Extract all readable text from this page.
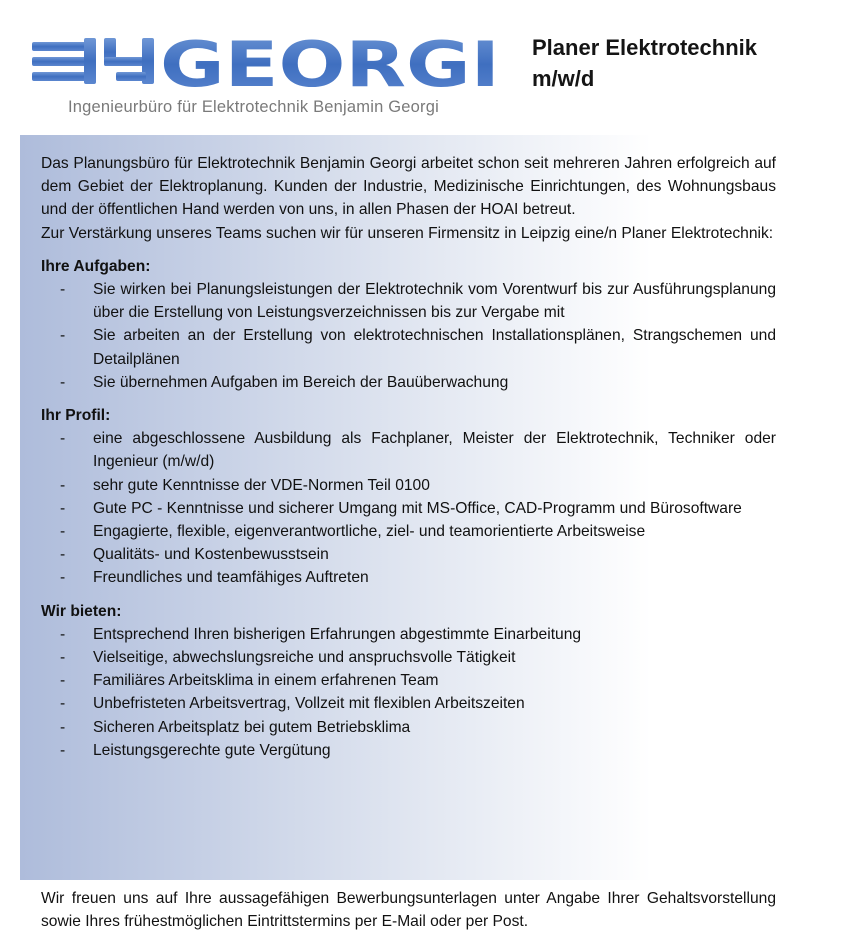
GEORGI
Ingenieurbüro für Elektrotechnik Benjamin Georgi
Planer Elektrotechnik
m/w/d

Das Planungsbüro für Elektrotechnik Benjamin Georgi arbeitet schon seit mehreren Jahren erfolgreich auf dem Gebiet der Elektroplanung. Kunden der Industrie, Medizinische Einrichtungen, des Wohnungsbaus und der öffentlichen Hand werden von uns, in allen Phasen der HOAI betreut.

Zur Verstärkung unseres Teams suchen wir für unseren Firmensitz in Leipzig eine/n Planer Elektrotechnik:

Ihre Aufgaben:
- Sie wirken bei Planungsleistungen der Elektrotechnik vom Vorentwurf bis zur Ausführungsplanung über die Erstellung von Leistungsverzeichnissen bis zur Vergabe mit
- Sie arbeiten an der Erstellung von elektrotechnischen Installationsplänen, Strangschemen und Detailplänen
- Sie übernehmen Aufgaben im Bereich der Bauüberwachung
Ihr Profil:
- eine abgeschlossene Ausbildung als Fachplaner, Meister der Elektrotechnik, Techniker oder Ingenieur (m/w/d)
- sehr gute Kenntnisse der VDE-Normen Teil 0100
- Gute PC - Kenntnisse und sicherer Umgang mit MS-Office, CAD-Programm und Bürosoftware
- Engagierte, flexible, eigenverantwortliche, ziel- und teamorientierte Arbeitsweise
- Qualitäts- und Kostenbewusstsein
- Freundliches und teamfähiges Auftreten
Wir bieten:
- Entsprechend Ihren bisherigen Erfahrungen abgestimmte Einarbeitung
- Vielseitige, abwechslungsreiche und anspruchsvolle Tätigkeit
- Familiäres Arbeitsklima in einem erfahrenen Team
- Unbefristeten Arbeitsvertrag, Vollzeit mit flexiblen Arbeitszeiten
- Sicheren Arbeitsplatz bei gutem Betriebsklima
- Leistungsgerechte gute Vergütung
Wir freuen uns auf Ihre aussagefähigen Bewerbungsunterlagen unter Angabe Ihrer Gehaltsvorstellung sowie Ihres frühestmöglichen Eintrittstermins per E-Mail oder per Post.
